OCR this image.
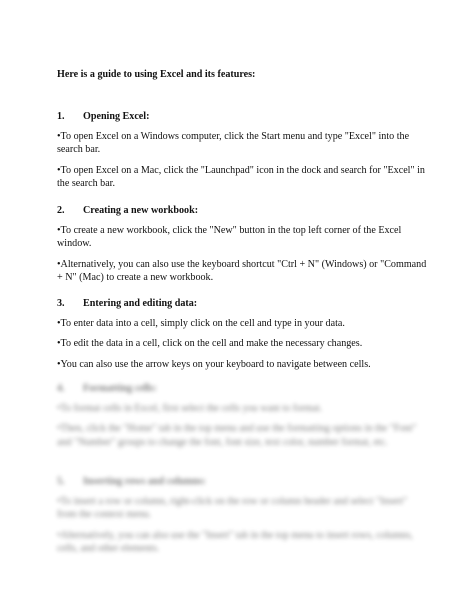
Here is a guide to using Excel and its features:
1. Opening Excel:
•To open Excel on a Windows computer, click the Start menu and type "Excel" into the search bar.
•To open Excel on a Mac, click the "Launchpad" icon in the dock and search for "Excel" in the search bar.
2. Creating a new workbook:
•To create a new workbook, click the "New" button in the top left corner of the Excel window.
•Alternatively, you can also use the keyboard shortcut "Ctrl + N" (Windows) or "Command + N" (Mac) to create a new workbook.
3. Entering and editing data:
•To enter data into a cell, simply click on the cell and type in your data.
•To edit the data in a cell, click on the cell and make the necessary changes.
•You can also use the arrow keys on your keyboard to navigate between cells.
4. Formatting cells:
•To format cells in Excel, first select the cells you want to format.
•Then, click the "Home" tab in the top menu and use the formatting options in the "Font" and "Number" groups to change the font, font size, text color, number format, etc.
5. Inserting rows and columns:
•To insert a row or column, right-click on the row or column header and select "Insert" from the context menu.
•Alternatively, you can also use the "Insert" tab in the top menu to insert rows, columns, cells, and other elements.
